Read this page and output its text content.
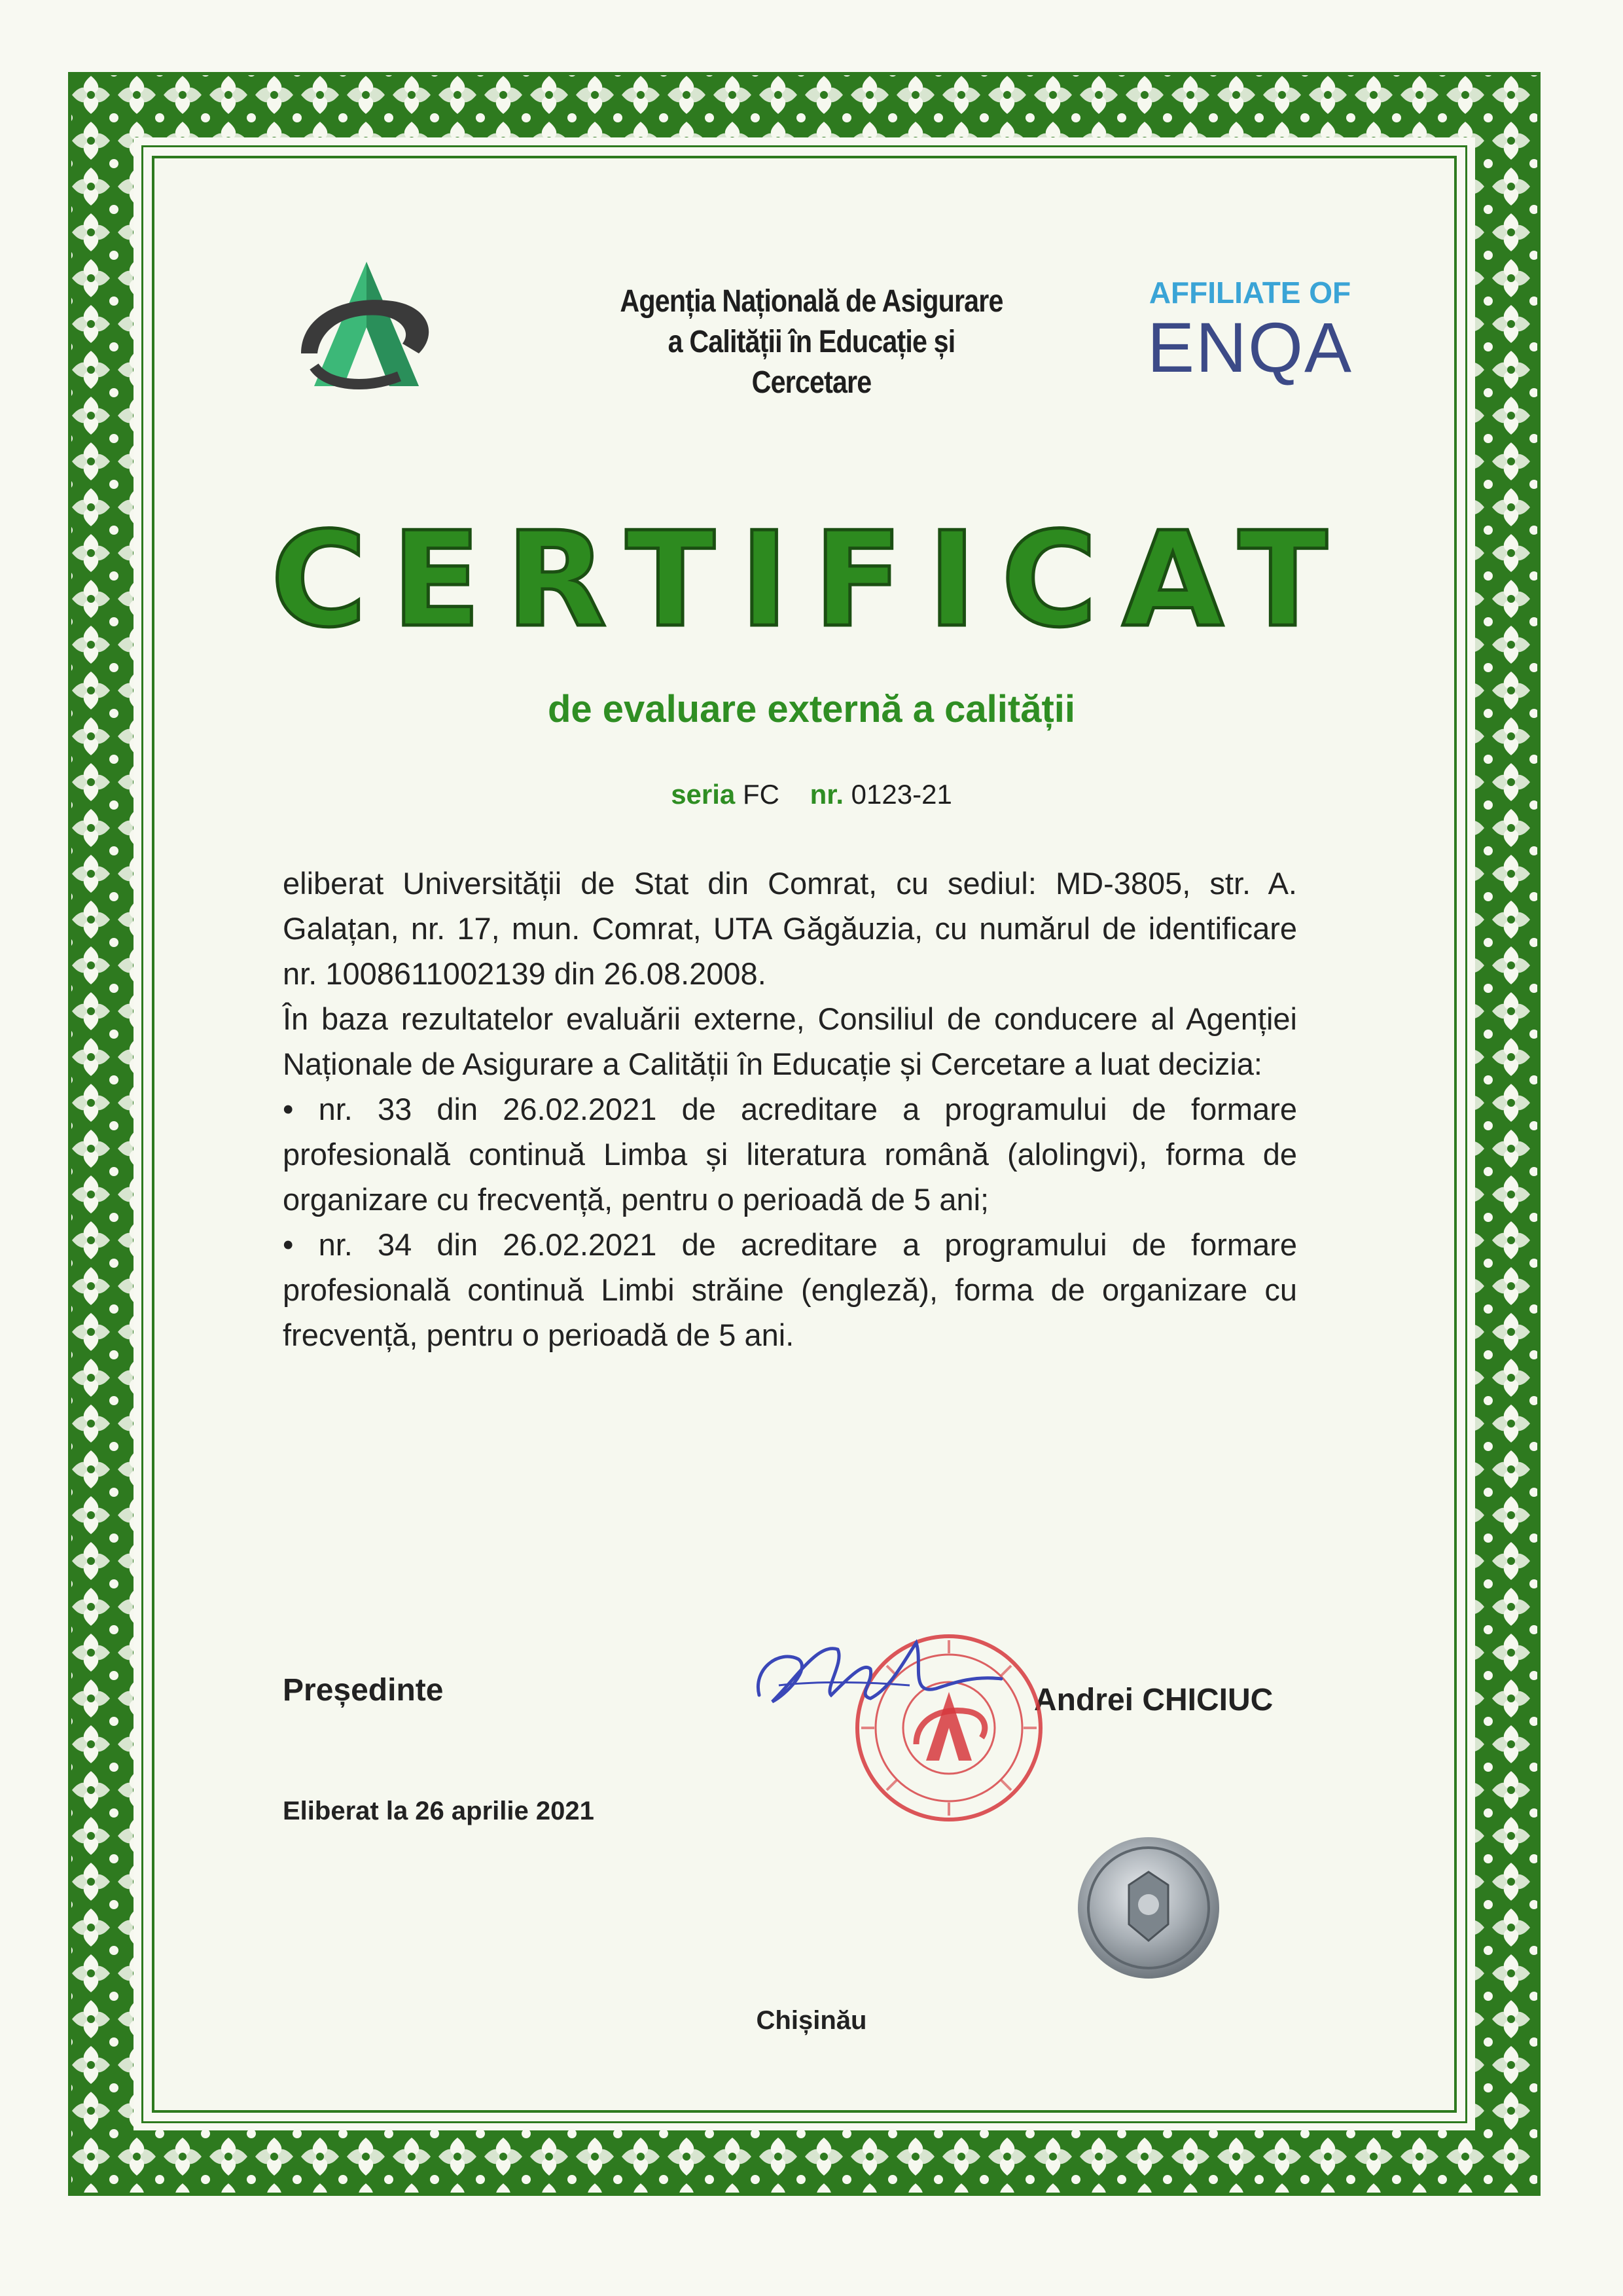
Agenția Națională de Asigurare
a Calității în Educație și Cercetare
AFFILIATE OF
ENQA
CERTIFICAT
de evaluare externă a calității
seria FC nr. 0123-21

eliberat Universității de Stat din Comrat, cu sediul: MD-3805, str. A. Galațan, nr. 17, mun. Comrat, UTA Găgăuzia, cu numărul de identificare nr. 1008611002139 din 26.08.2008.

În baza rezultatelor evaluării externe, Consiliul de conducere al Agenției Naționale de Asigurare a Calității în Educație și Cercetare a luat decizia:

• nr. 33 din 26.02.2021 de acreditare a programului de formare profesională continuă Limba și literatura română (alolingvi), forma de organizare cu frecvență, pentru o perioadă de 5 ani;

• nr. 34 din 26.02.2021 de acreditare a programului de formare profesională continuă Limbi străine (engleză), forma de organizare cu frecvență, pentru o perioadă de 5 ani.

Președinte
Eliberat la 26 aprilie 2021
Andrei CHICIUC
Chișinău
